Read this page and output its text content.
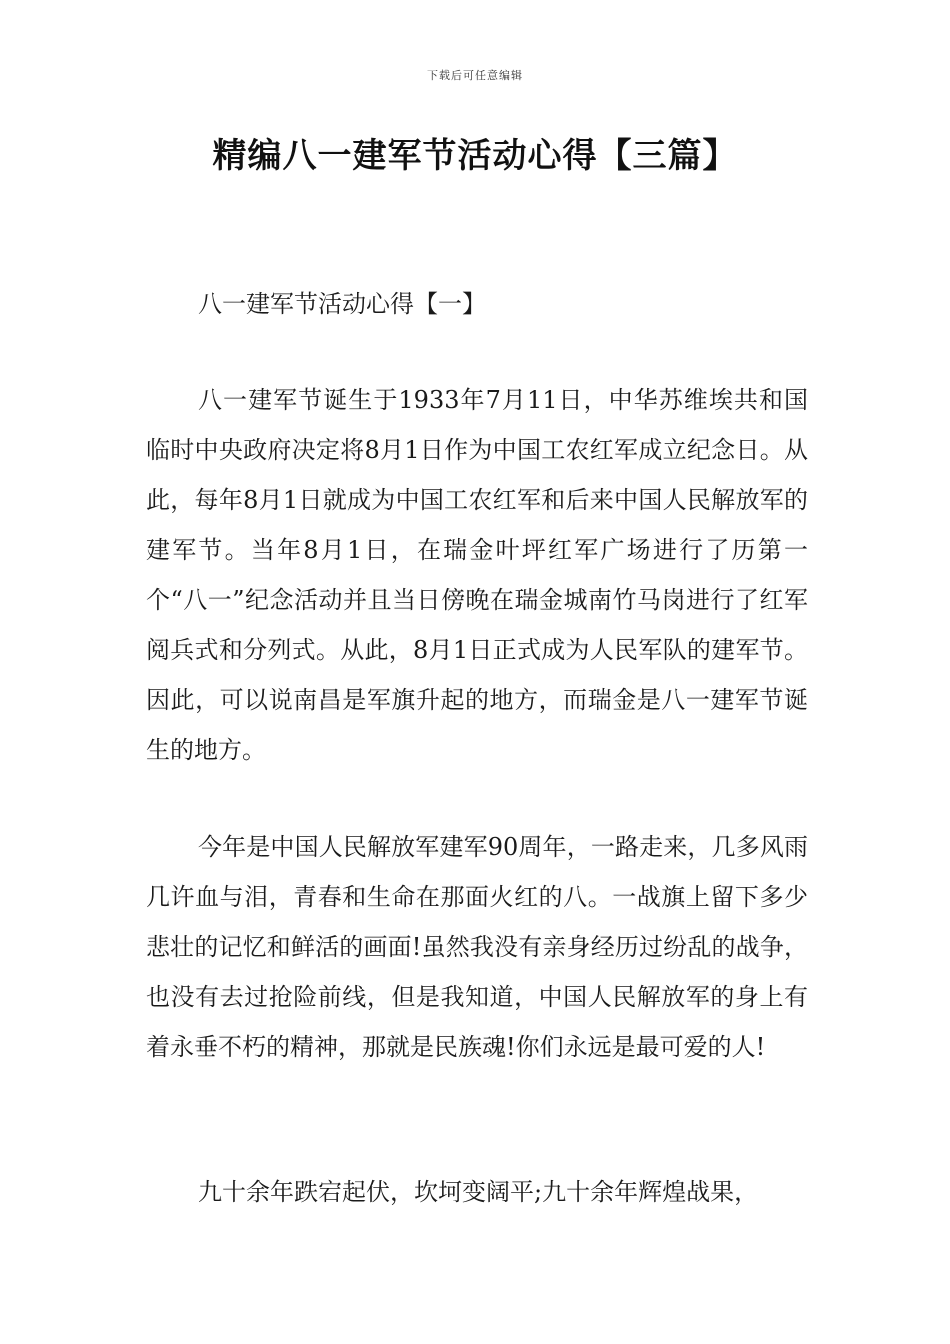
下载后可任意编辑
精编八一建军节活动心得【三篇】
八一建军节活动心得【一】

八一建军节诞生于1933年7月11日，中华苏维埃共和国临时中央政府决定将8月1日作为中国工农红军成立纪念日。从此，每年8月1日就成为中国工农红军和后来中国人民解放军的建军节。当年8月1日，在瑞金叶坪红军广场进行了历第一个“八一”纪念活动并且当日傍晚在瑞金城南竹马岗进行了红军阅兵式和分列式。从此，8月1日正式成为人民军队的建军节。因此，可以说南昌是军旗升起的地方，而瑞金是八一建军节诞生的地方。

今年是中国人民解放军建军90周年，一路走来，几多风雨几许血与泪，青春和生命在那面火红的八。一战旗上留下多少悲壮的记忆和鲜活的画面!虽然我没有亲身经历过纷乱的战争，也没有去过抢险前线，但是我知道，中国人民解放军的身上有着永垂不朽的精神，那就是民族魂!你们永远是最可爱的人!

九十余年跌宕起伏，坎坷变阔平;九十余年辉煌战果，
